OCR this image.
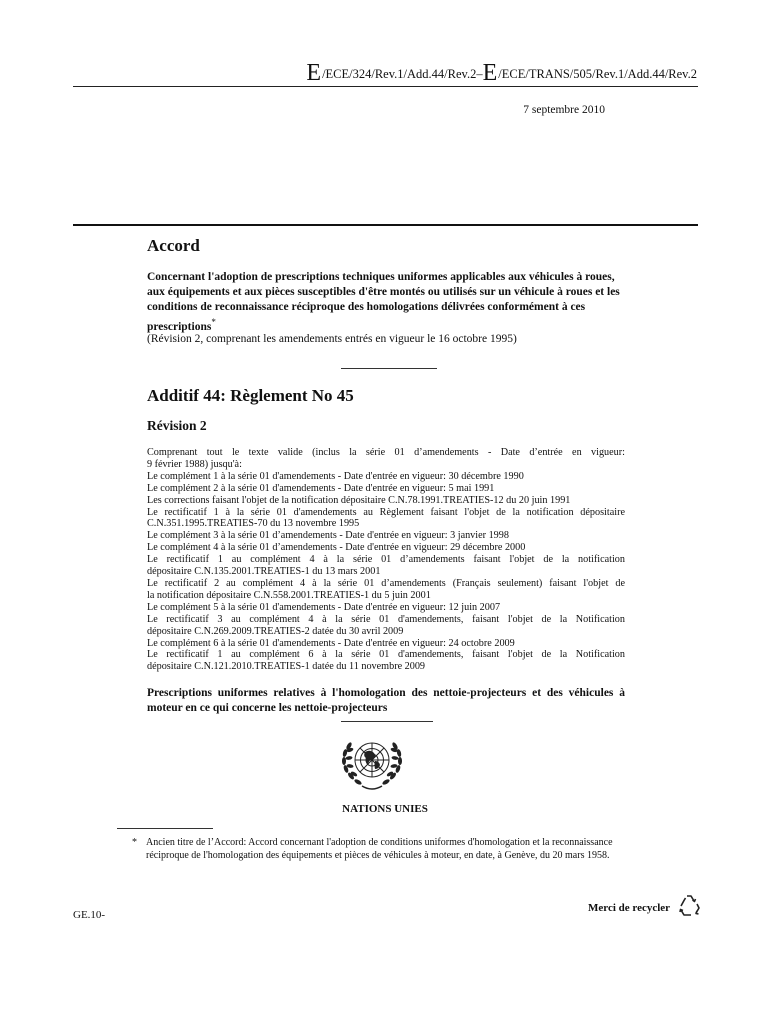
E/ECE/324/Rev.1/Add.44/Rev.2–E/ECE/TRANS/505/Rev.1/Add.44/Rev.2
7 septembre 2010
Accord
Concernant l'adoption de prescriptions techniques uniformes applicables aux véhicules à roues, aux équipements et aux pièces susceptibles d'être montés ou utilisés sur un véhicule à roues et les conditions de reconnaissance réciproque des homologations délivrées conformément à ces prescriptions*
(Révision 2, comprenant les amendements entrés en vigueur le 16 octobre 1995)
Additif 44: Règlement No 45
Révision 2
Comprenant tout le texte valide (inclus la série 01 d’amendements - Date d’entrée en vigueur:
9 février 1988) jusqu'à:
Le complément 1 à la série 01 d'amendements - Date d'entrée en vigueur: 30 décembre 1990
Le complément 2 à la série 01 d'amendements - Date d'entrée en vigueur: 5 mai 1991
Les corrections faisant l'objet de la notification dépositaire C.N.78.1991.TREATIES-12 du 20 juin 1991
Le rectificatif 1 à la série 01 d'amendements au Règlement faisant l'objet de la notification dépositaire
C.N.351.1995.TREATIES-70 du 13 novembre 1995
Le complément 3 à la série 01 d’amendements - Date d'entrée en vigueur: 3 janvier 1998
Le complément 4 à la série 01 d’amendements - Date d'entrée en vigueur: 29 décembre 2000
Le rectificatif 1 au complément 4 à la série 01 d’amendements faisant l'objet de la notification
dépositaire C.N.135.2001.TREATIES-1 du 13 mars 2001
Le rectificatif 2 au complément 4 à la série 01 d’amendements (Français seulement) faisant l'objet de
la notification dépositaire C.N.558.2001.TREATIES-1 du 5 juin 2001
Le complément 5 à la série 01 d'amendements - Date d'entrée en vigueur: 12 juin 2007
Le rectificatif 3 au complément 4 à la série 01 d'amendements, faisant l'objet de la Notification
dépositaire C.N.269.2009.TREATIES-2 datée du 30 avril 2009
Le complément 6 à la série 01 d'amendements - Date d'entrée en vigueur: 24 octobre 2009
Le rectificatif 1 au complément 6 à la série 01 d'amendements, faisant l'objet de la Notification
dépositaire C.N.121.2010.TREATIES-1 datée du 11 novembre 2009
Prescriptions uniformes relatives à l'homologation des nettoie-projecteurs et des véhicules à moteur en ce qui concerne les nettoie-projecteurs
NATIONS UNIES
* Ancien titre de l’Accord: Accord concernant l'adoption de conditions uniformes d'homologation et la reconnaissance réciproque de l'homologation des équipements et pièces de véhicules à moteur, en date, à Genève, du 20 mars 1958.
GE.10-
Merci de recycler
